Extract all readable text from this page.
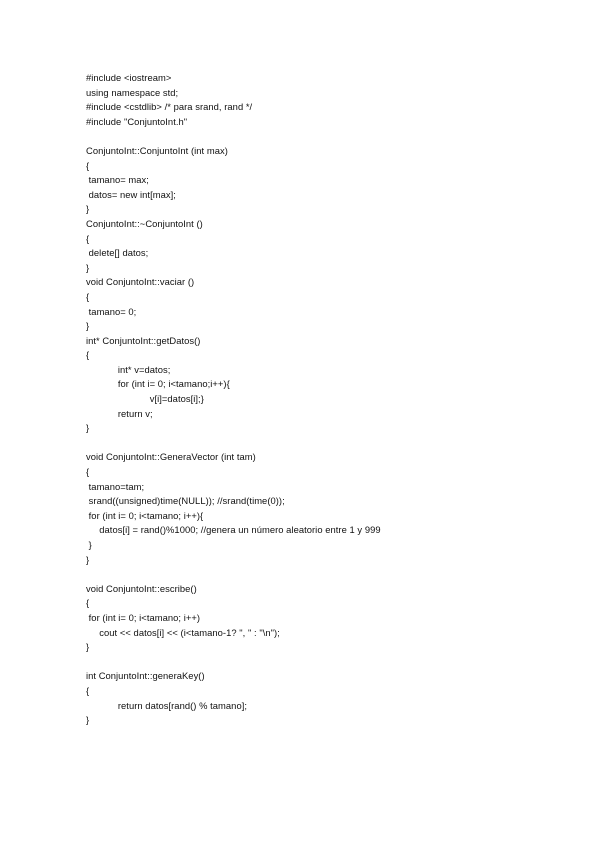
#include <iostream>
using namespace std;
#include <cstdlib> /* para srand, rand */
#include "ConjuntoInt.h"
ConjuntoInt::ConjuntoInt (int max)
{
tamano= max;
datos= new int[max];
}
ConjuntoInt::~ConjuntoInt ()
{
delete[] datos;
}
void ConjuntoInt::vaciar ()
{
tamano= 0;
}
int* ConjuntoInt::getDatos()
{
int* v=datos;
for (int i= 0; i<tamano;i++){
v[i]=datos[i];}
return v;
}
void ConjuntoInt::GeneraVector (int tam)
{
tamano=tam;
srand((unsigned)time(NULL)); //srand(time(0));
for (int i= 0; i<tamano; i++){
datos[i] = rand()%1000; //genera un número aleatorio entre 1 y 999
}
}
void ConjuntoInt::escribe()
{
for (int i= 0; i<tamano; i++)
cout << datos[i] << (i<tamano-1? ", " : "\n");
}
int ConjuntoInt::generaKey()
{
return datos[rand() % tamano];
}
